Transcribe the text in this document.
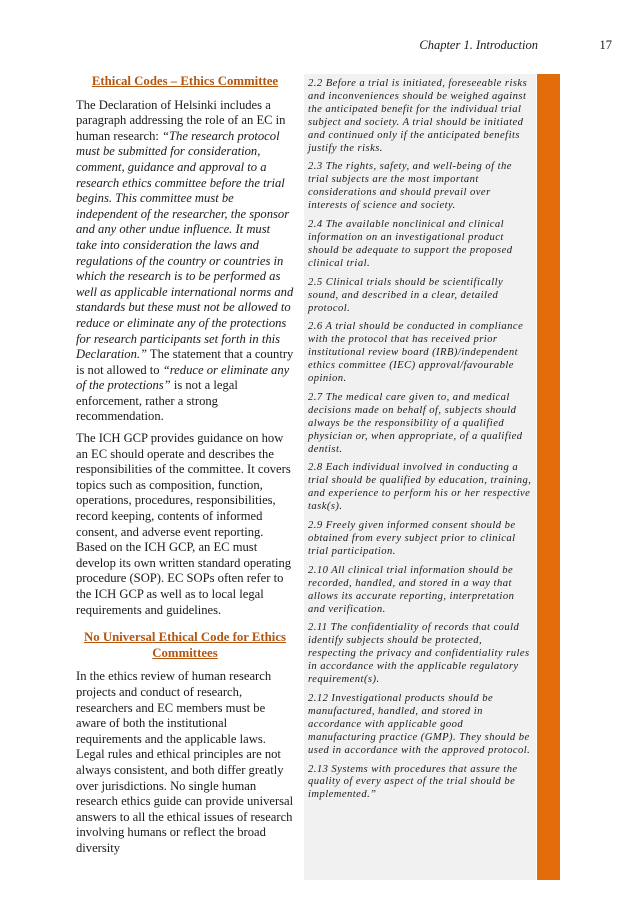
Chapter 1. Introduction	17
Ethical Codes – Ethics Committee

The Declaration of Helsinki includes a paragraph addressing the role of an EC in human research: “The research protocol must be submitted for consideration, comment, guidance and approval to a research ethics committee before the trial begins. This committee must be independent of the researcher, the sponsor and any other undue influence. It must take into consideration the laws and regulations of the country or countries in which the research is to be performed as well as applicable international norms and standards but these must not be allowed to reduce or eliminate any of the protections for research participants set forth in this Declaration.” The statement that a country is not allowed to “reduce or eliminate any of the protections” is not a legal enforcement, rather a strong recommendation.

The ICH GCP provides guidance on how an EC should operate and describes the responsibilities of the committee. It covers topics such as composition, function, operations, procedures, responsibilities, record keeping, contents of informed consent, and adverse event reporting. Based on the ICH GCP, an EC must develop its own written standard operating procedure (SOP). EC SOPs often refer to the ICH GCP as well as to local legal requirements and guidelines.

No Universal Ethical Code for Ethics Committees

In the ethics review of human research projects and conduct of research, researchers and EC members must be aware of both the institutional requirements and the applicable laws. Legal rules and ethical principles are not always consistent, and both differ greatly over jurisdictions. No single human research ethics guide can provide universal answers to all the ethical issues of research involving humans or reflect the broad diversity

2.2 Before a trial is initiated, foreseeable risks and inconveniences should be weighed against the anticipated benefit for the individual trial subject and society. A trial should be initiated and continued only if the anticipated benefits justify the risks.

2.3 The rights, safety, and well-being of the trial subjects are the most important considerations and should prevail over interests of science and society.

2.4 The available nonclinical and clinical information on an investigational product should be adequate to support the proposed clinical trial.

2.5 Clinical trials should be scientifically sound, and described in a clear, detailed protocol.

2.6 A trial should be conducted in compliance with the protocol that has received prior institutional review board (IRB)/independent ethics committee (IEC) approval/favourable opinion.

2.7 The medical care given to, and medical decisions made on behalf of, subjects should always be the responsibility of a qualified physician or, when appropriate, of a qualified dentist.

2.8 Each individual involved in conducting a trial should be qualified by education, training, and experience to perform his or her respective task(s).

2.9 Freely given informed consent should be obtained from every subject prior to clinical trial participation.

2.10 All clinical trial information should be recorded, handled, and stored in a way that allows its accurate reporting, interpretation and verification.

2.11 The confidentiality of records that could identify subjects should be protected, respecting the privacy and confidentiality rules in accordance with the applicable regulatory requirement(s).

2.12 Investigational products should be manufactured, handled, and stored in accordance with applicable good manufacturing practice (GMP). They should be used in accordance with the approved protocol.

2.13 Systems with procedures that assure the quality of every aspect of the trial should be implemented.”
